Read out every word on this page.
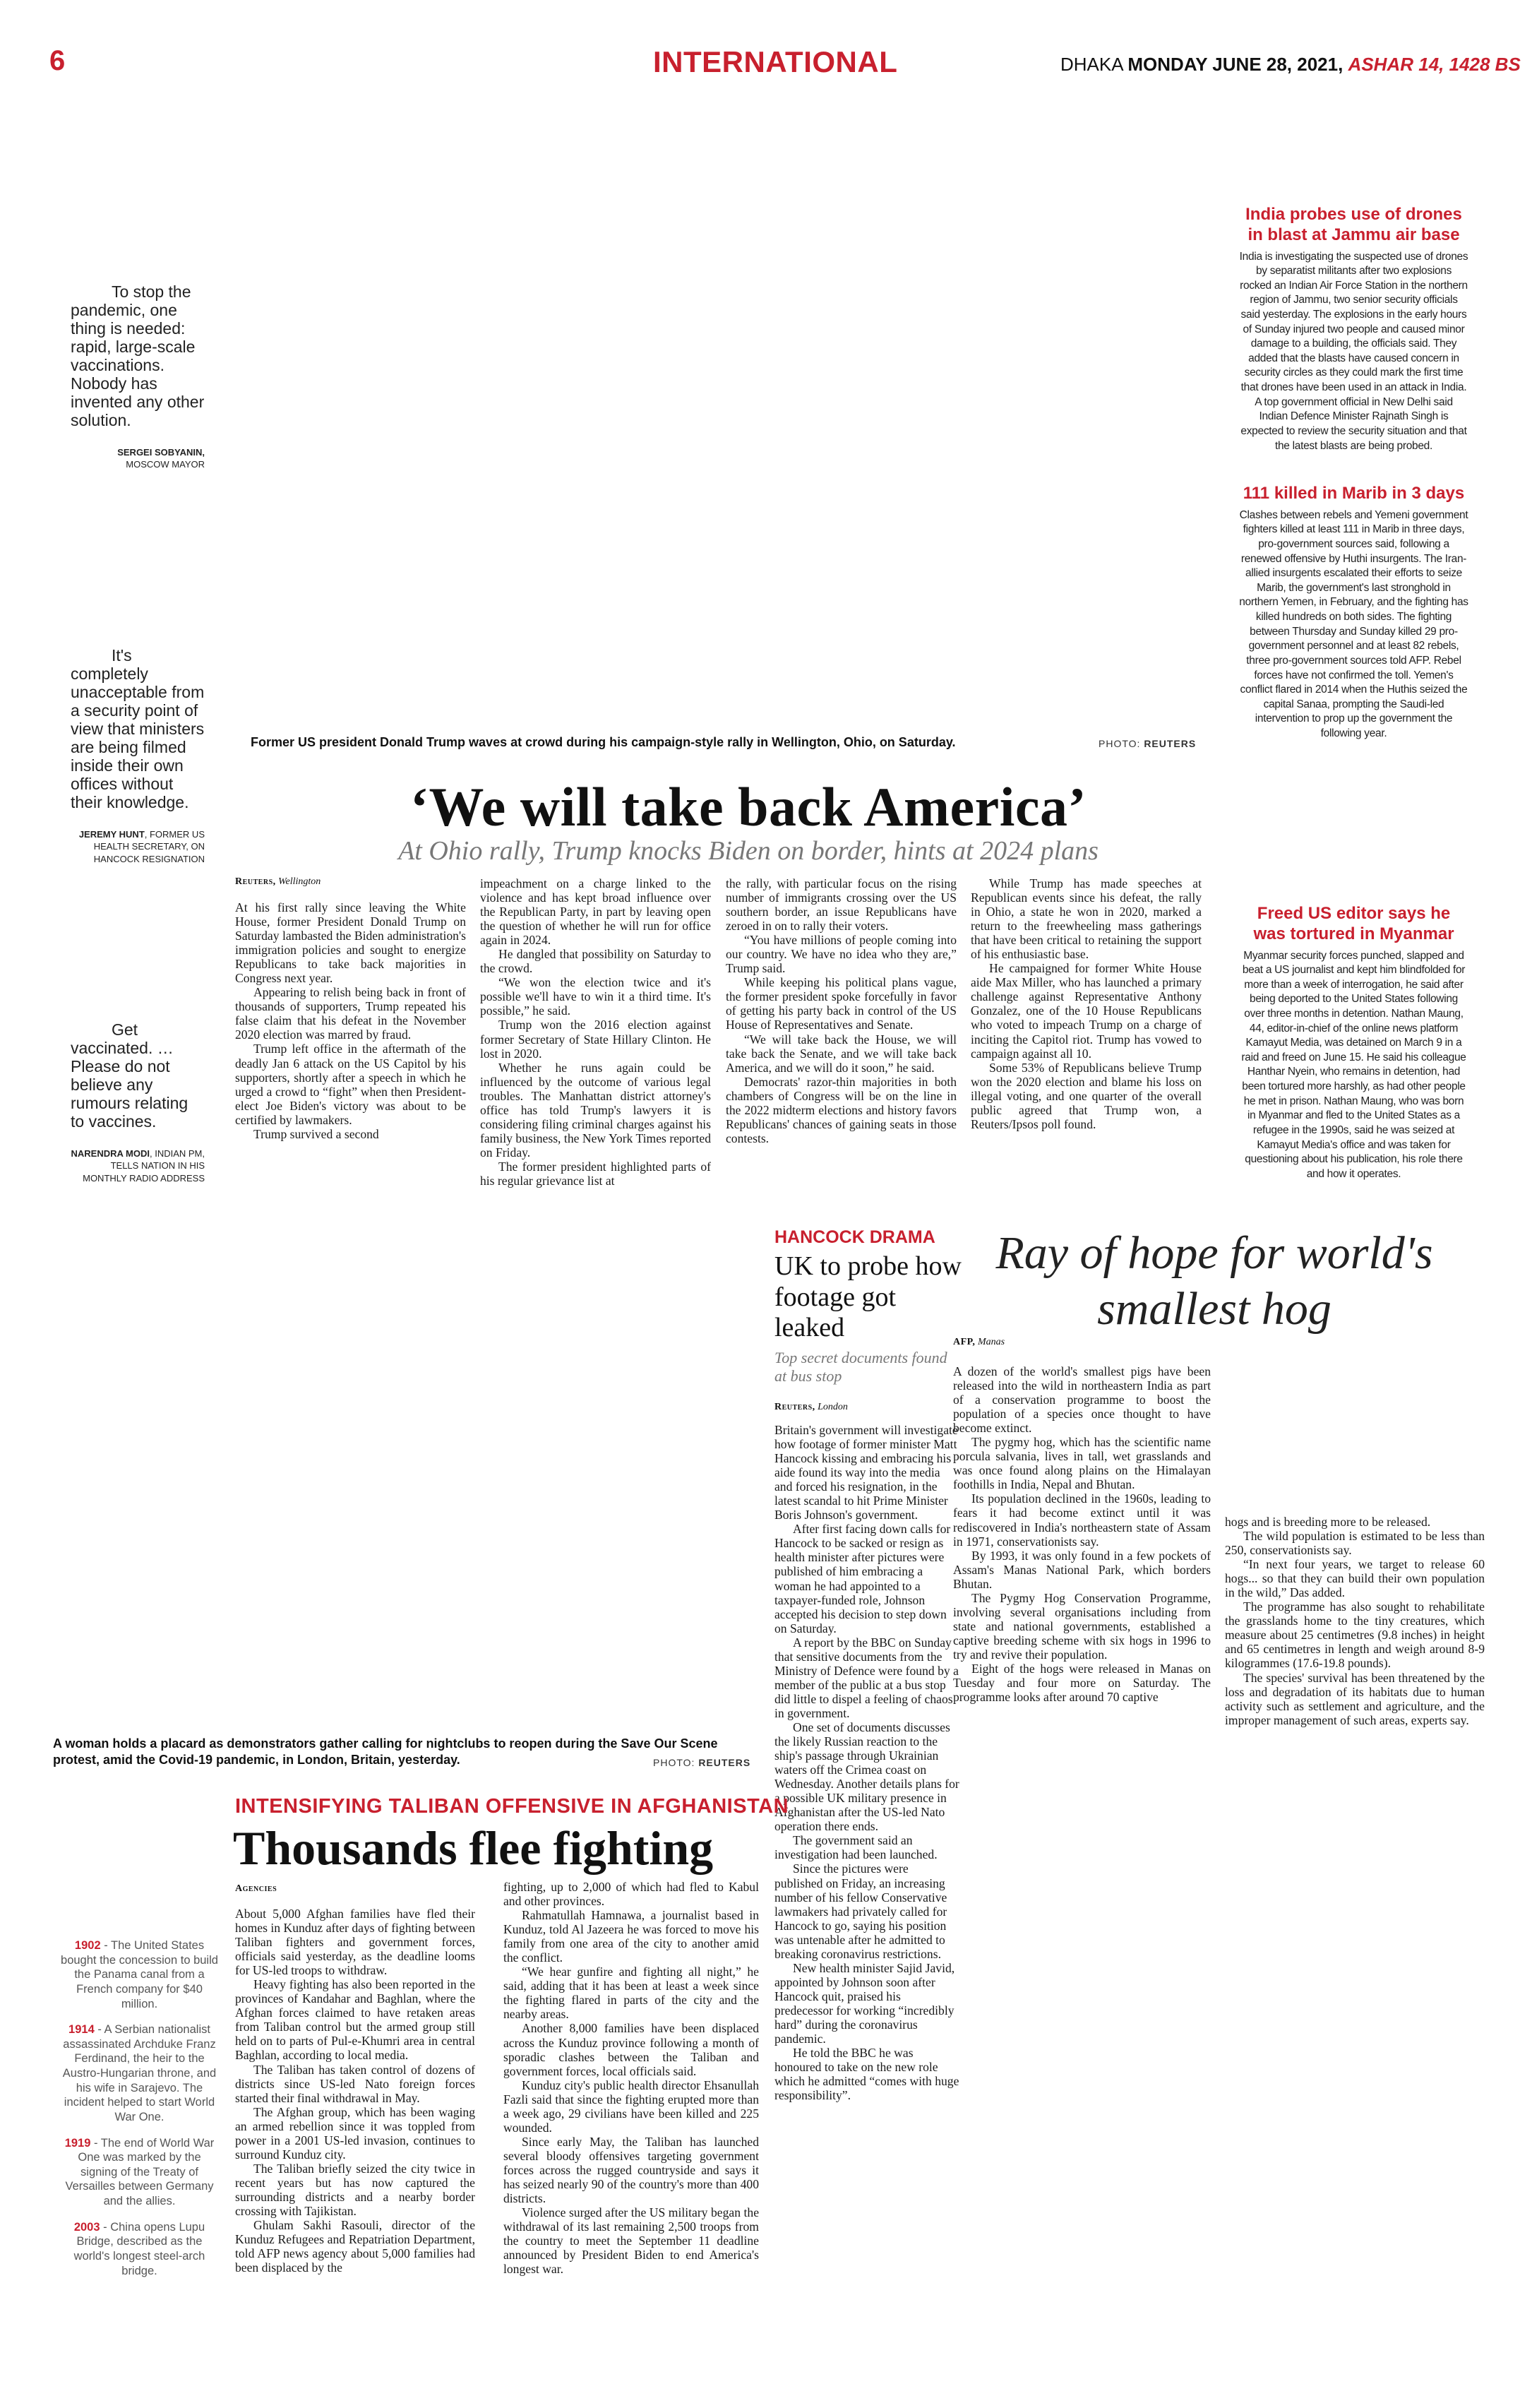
6	INTERNATIONAL	DHAKA MONDAY JUNE 28, 2021, ASHAR 14, 1428 BS
To stop the pandemic, one thing is needed: rapid, large-scale vaccinations. Nobody has invented any other solution.
SERGEI SOBYANIN,
MOSCOW MAYOR
It's completely unacceptable from a security point of view that ministers are being filmed inside their own offices without their knowledge.
JEREMY HUNT, FORMER US HEALTH SECRETARY, ON HANCOCK RESIGNATION
Get vaccinated. … Please do not believe any rumours relating to vaccines.
NARENDRA MODI, INDIAN PM, TELLS NATION IN HIS MONTHLY RADIO ADDRESS
Former US president Donald Trump waves at crowd during his campaign-style rally in Wellington, Ohio, on Saturday.	PHOTO: REUTERS
India probes use of drones in blast at Jammu air base

India is investigating the suspected use of drones by separatist militants after two explosions rocked an Indian Air Force Station in the northern region of Jammu, two senior security officials said yesterday. The explosions in the early hours of Sunday injured two people and caused minor damage to a building, the officials said. They added that the blasts have caused concern in security circles as they could mark the first time that drones have been used in an attack in India. A top government official in New Delhi said Indian Defence Minister Rajnath Singh is expected to review the security situation and that the latest blasts are being probed.

111 killed in Marib in 3 days

Clashes between rebels and Yemeni government fighters killed at least 111 in Marib in three days, pro-government sources said, following a renewed offensive by Huthi insurgents. The Iran-allied insurgents escalated their efforts to seize Marib, the government's last stronghold in northern Yemen, in February, and the fighting has killed hundreds on both sides. The fighting between Thursday and Sunday killed 29 pro-government personnel and at least 82 rebels, three pro-government sources told AFP. Rebel forces have not confirmed the toll. Yemen's conflict flared in 2014 when the Huthis seized the capital Sanaa, prompting the Saudi-led intervention to prop up the government the following year.

Freed US editor says he was tortured in Myanmar

Myanmar security forces punched, slapped and beat a US journalist and kept him blindfolded for more than a week of interrogation, he said after being deported to the United States following over three months in detention. Nathan Maung, 44, editor-in-chief of the online news platform Kamayut Media, was detained on March 9 in a raid and freed on June 15. He said his colleague Hanthar Nyein, who remains in detention, had been tortured more harshly, as had other people he met in prison. Nathan Maung, who was born in Myanmar and fled to the United States as a refugee in the 1990s, said he was seized at Kamayut Media's office and was taken for questioning about his publication, his role there and how it operates.

‘We will take back America’
At Ohio rally, Trump knocks Biden on border, hints at 2024 plans
Reuters, Wellington

At his first rally since leaving the White House, former President Donald Trump on Saturday lambasted the Biden administration's immigration policies and sought to energize Republicans to take back majorities in Congress next year.

Appearing to relish being back in front of thousands of supporters, Trump repeated his false claim that his defeat in the November 2020 election was marred by fraud.

Trump left office in the aftermath of the deadly Jan 6 attack on the US Capitol by his supporters, shortly after a speech in which he urged a crowd to “fight” when then President-elect Joe Biden's victory was about to be certified by lawmakers.

Trump survived a second

impeachment on a charge linked to the violence and has kept broad influence over the Republican Party, in part by leaving open the question of whether he will run for office again in 2024.

He dangled that possibility on Saturday to the crowd.

“We won the election twice and it's possible we'll have to win it a third time. It's possible,” he said.

Trump won the 2016 election against former Secretary of State Hillary Clinton. He lost in 2020.

Whether he runs again could be influenced by the outcome of various legal troubles. The Manhattan district attorney's office has told Trump's lawyers it is considering filing criminal charges against his family business, the New York Times reported on Friday.

The former president highlighted parts of his regular grievance list at

the rally, with particular focus on the rising number of immigrants crossing over the US southern border, an issue Republicans have zeroed in on to rally their voters.

“You have millions of people coming into our country. We have no idea who they are,” Trump said.

While keeping his political plans vague, the former president spoke forcefully in favor of getting his party back in control of the US House of Representatives and Senate.

“We will take back the House, we will take back the Senate, and we will take back America, and we will do it soon,” he said.

Democrats' razor-thin majorities in both chambers of Congress will be on the line in the 2022 midterm elections and history favors Republicans' chances of gaining seats in those contests.

While Trump has made speeches at Republican events since his defeat, the rally in Ohio, a state he won in 2020, marked a return to the freewheeling mass gatherings that have been critical to retaining the support of his enthusiastic base.

He campaigned for former White House aide Max Miller, who has launched a primary challenge against Representative Anthony Gonzalez, one of the 10 House Republicans who voted to impeach Trump on a charge of inciting the Capitol riot. Trump has vowed to campaign against all 10.

Some 53% of Republicans believe Trump won the 2020 election and blame his loss on illegal voting, and one quarter of the overall public agreed that Trump won, a Reuters/Ipsos poll found.

A woman holds a placard as demonstrators gather calling for nightclubs to reopen during the Save Our Scene protest, amid the Covid-19 pandemic, in London, Britain, yesterday.	PHOTO: REUTERS
HANCOCK DRAMA
UK to probe how footage got leaked
Top secret documents found at bus stop
Reuters, London

Britain's government will investigate how footage of former minister Matt Hancock kissing and embracing his aide found its way into the media and forced his resignation, in the latest scandal to hit Prime Minister Boris Johnson's government.

After first facing down calls for Hancock to be sacked or resign as health minister after pictures were published of him embracing a woman he had appointed to a taxpayer-funded role, Johnson accepted his decision to step down on Saturday.

A report by the BBC on Sunday that sensitive documents from the Ministry of Defence were found by a member of the public at a bus stop did little to dispel a feeling of chaos in government.

One set of documents discusses the likely Russian reaction to the ship's passage through Ukrainian waters off the Crimea coast on Wednesday. Another details plans for a possible UK military presence in Afghanistan after the US-led Nato operation there ends.

The government said an investigation had been launched.

Since the pictures were published on Friday, an increasing number of his fellow Conservative lawmakers had privately called for Hancock to go, saying his position was untenable after he admitted to breaking coronavirus restrictions.

New health minister Sajid Javid, appointed by Johnson soon after Hancock quit, praised his predecessor for working “incredibly hard” during the coronavirus pandemic.

He told the BBC he was honoured to take on the new role which he admitted “comes with huge responsibility”.

Ray of hope for world's smallest hog
AFP, Manas

A dozen of the world's smallest pigs have been released into the wild in northeastern India as part of a conservation programme to boost the population of a species once thought to have become extinct.

The pygmy hog, which has the scientific name porcula salvania, lives in tall, wet grasslands and was once found along plains on the Himalayan foothills in India, Nepal and Bhutan.

Its population declined in the 1960s, leading to fears it had become extinct until it was rediscovered in India's northeastern state of Assam in 1971, conservationists say.

By 1993, it was only found in a few pockets of Assam's Manas National Park, which borders Bhutan.

The Pygmy Hog Conservation Programme, involving several organisations including from state and national governments, established a captive breeding scheme with six hogs in 1996 to try and revive their population.

Eight of the hogs were released in Manas on Tuesday and four more on Saturday. The programme looks after around 70 captive

hogs and is breeding more to be released.

The wild population is estimated to be less than 250, conservationists say.

“In next four years, we target to release 60 hogs... so that they can build their own population in the wild,” Das added.

The programme has also sought to rehabilitate the grasslands home to the tiny creatures, which measure about 25 centimetres (9.8 inches) in height and 65 centimetres in length and weigh around 8-9 kilogrammes (17.6-19.8 pounds).

The species' survival has been threatened by the loss and degradation of its habitats due to human activity such as settlement and agriculture, and the improper management of such areas, experts say.

INTENSIFYING TALIBAN OFFENSIVE IN AFGHANISTAN
Thousands flee fighting
Agencies

About 5,000 Afghan families have fled their homes in Kunduz after days of fighting between Taliban fighters and government forces, officials said yesterday, as the deadline looms for US-led troops to withdraw.

Heavy fighting has also been reported in the provinces of Kandahar and Baghlan, where the Afghan forces claimed to have retaken areas from Taliban control but the armed group still held on to parts of Pul-e-Khumri area in central Baghlan, according to local media.

The Taliban has taken control of dozens of districts since US-led Nato foreign forces started their final withdrawal in May.

The Afghan group, which has been waging an armed rebellion since it was toppled from power in a 2001 US-led invasion, continues to surround Kunduz city.

The Taliban briefly seized the city twice in recent years but has now captured the surrounding districts and a nearby border crossing with Tajikistan.

Ghulam Sakhi Rasouli, director of the Kunduz Refugees and Repatriation Department, told AFP news agency about 5,000 families had been displaced by the

fighting, up to 2,000 of which had fled to Kabul and other provinces.

Rahmatullah Hamnawa, a journalist based in Kunduz, told Al Jazeera he was forced to move his family from one area of the city to another amid the conflict.

“We hear gunfire and fighting all night,” he said, adding that it has been at least a week since the fighting flared in parts of the city and the nearby areas.

Another 8,000 families have been displaced across the Kunduz province following a month of sporadic clashes between the Taliban and government forces, local officials said.

Kunduz city's public health director Ehsanullah Fazli said that since the fighting erupted more than a week ago, 29 civilians have been killed and 225 wounded.

Since early May, the Taliban has launched several bloody offensives targeting government forces across the rugged countryside and says it has seized nearly 90 of the country's more than 400 districts.

Violence surged after the US military began the withdrawal of its last remaining 2,500 troops from the country to meet the September 11 deadline announced by President Biden to end America's longest war.

1902 - The United States bought the concession to build the Panama canal from a French company for $40 million.
1914 - A Serbian nationalist assassinated Archduke Franz Ferdinand, the heir to the Austro-Hungarian throne, and his wife in Sarajevo. The incident helped to start World War One.
1919 - The end of World War One was marked by the signing of the Treaty of Versailles between Germany and the allies.
2003 - China opens Lupu Bridge, described as the world's longest steel-arch bridge.
